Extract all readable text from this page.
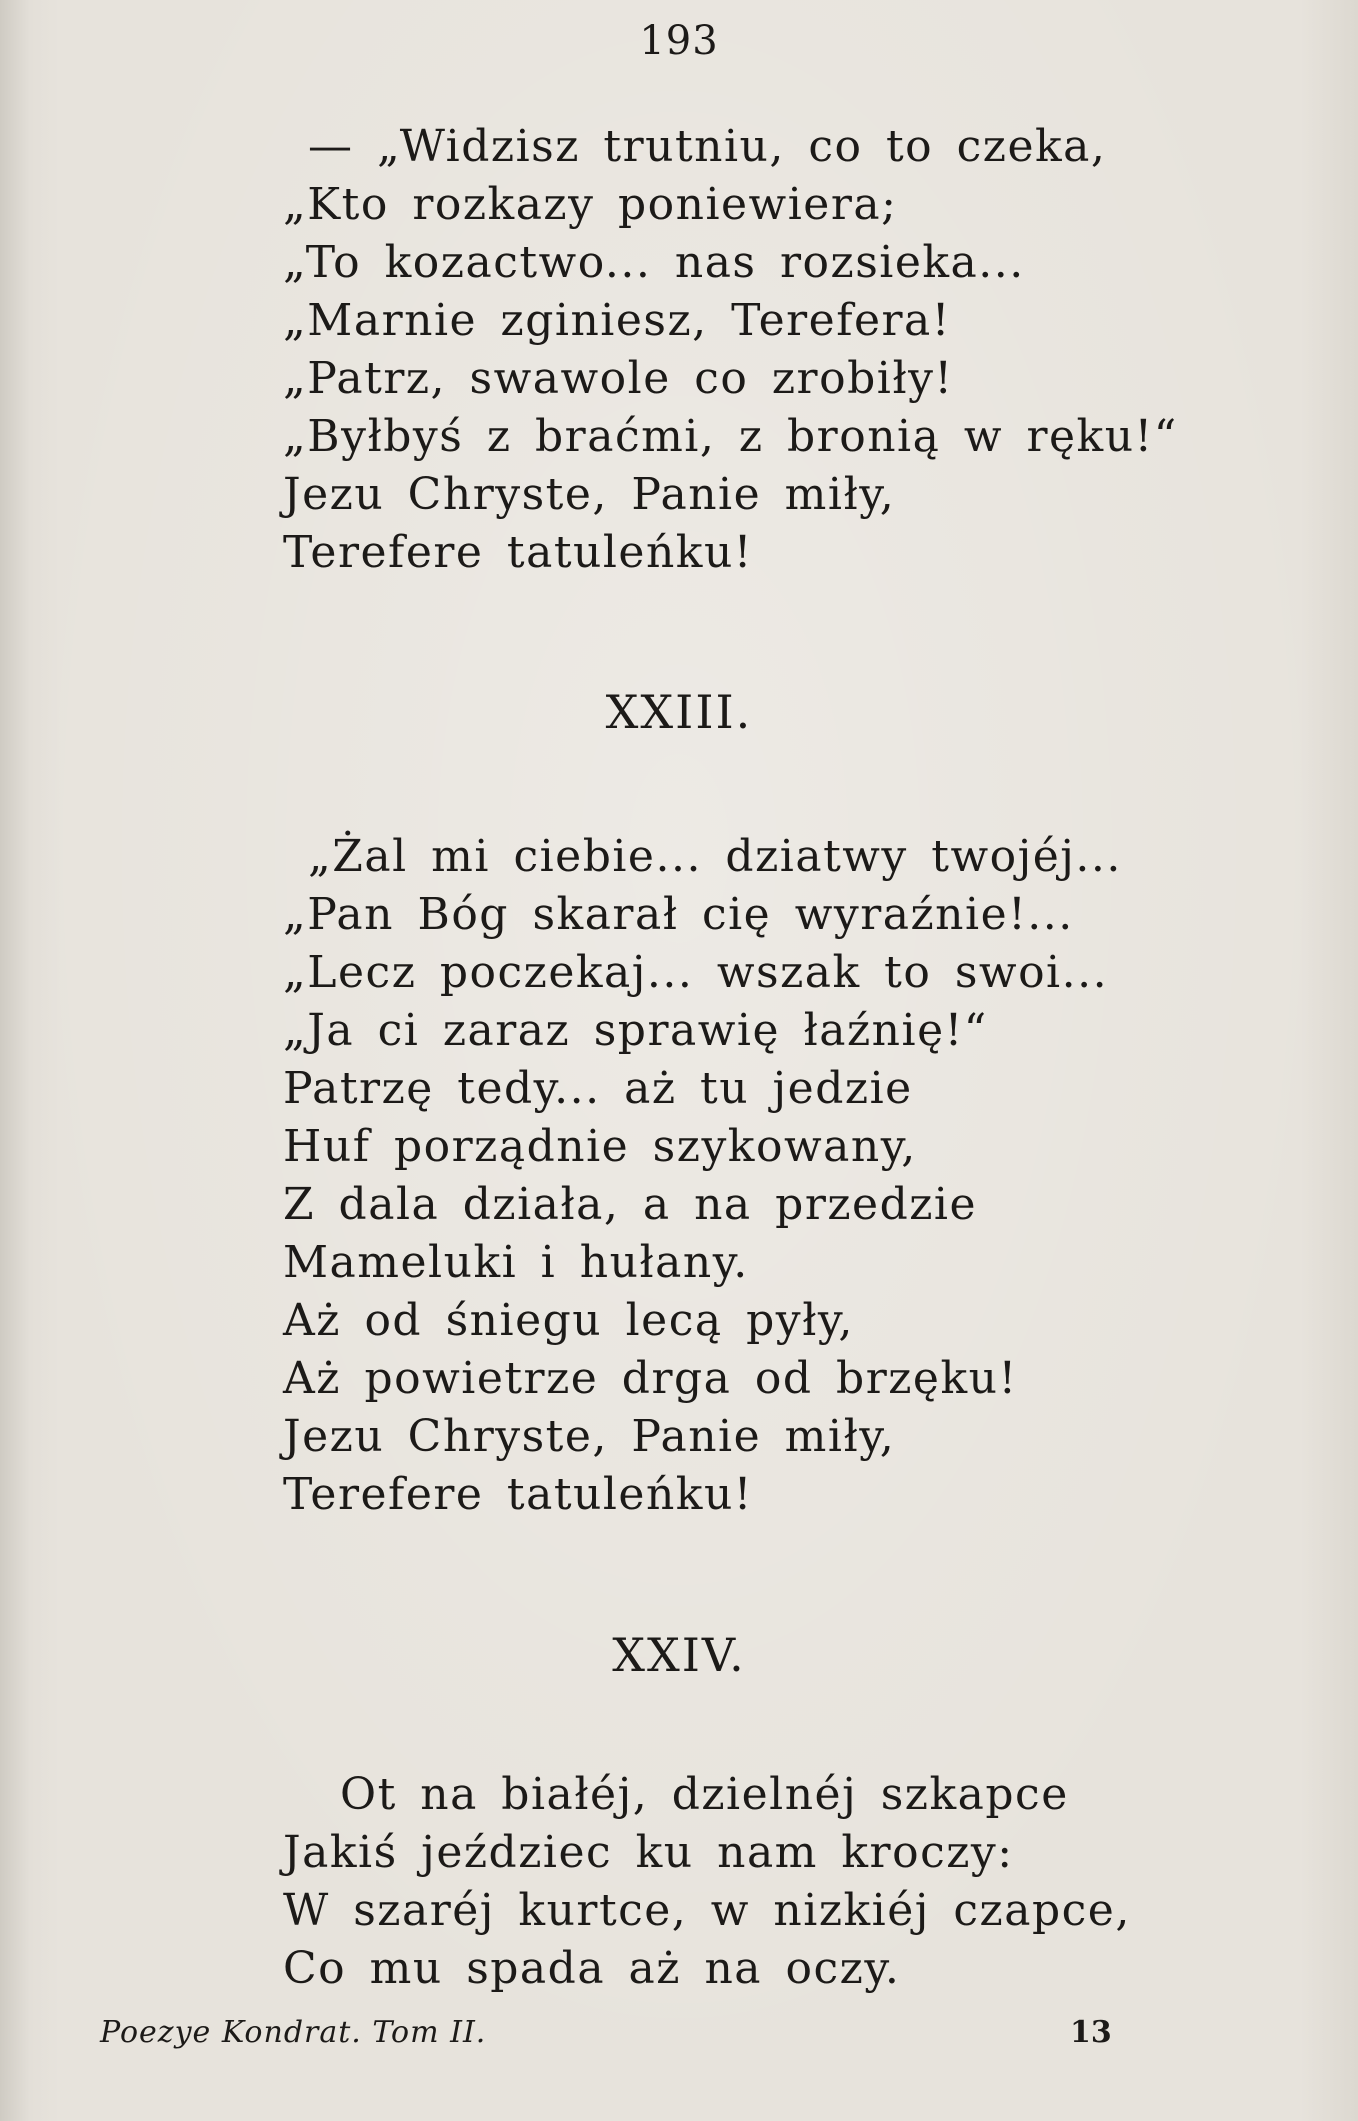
193
— „Widzisz trutniu, co to czeka,
„Kto rozkazy poniewiera;
„To kozactwo... nas rozsieka...
„Marnie zginiesz, Terefera!
„Patrz, swawole co zrobiły!
„Byłbyś z braćmi, z bronią w ręku!“
Jezu Chryste, Panie miły,
Terefere tatuleńku!
XXIII.
„Żal mi ciebie... dziatwy twojéj...
„Pan Bóg skarał cię wyraźnie!...
„Lecz poczekaj... wszak to swoi...
„Ja ci zaraz sprawię łaźnię!“
Patrzę tedy... aż tu jedzie
Huf porządnie szykowany,
Z dala działa, a na przedzie
Mameluki i hułany.
Aż od śniegu lecą pyły,
Aż powietrze drga od brzęku!
Jezu Chryste, Panie miły,
Terefere tatuleńku!
XXIV.
Ot na białéj, dzielnéj szkapce
Jakiś jeździec ku nam kroczy:
W szaréj kurtce, w nizkiéj czapce,
Co mu spada aż na oczy.
Poezye Kondrat. Tom II.	13
